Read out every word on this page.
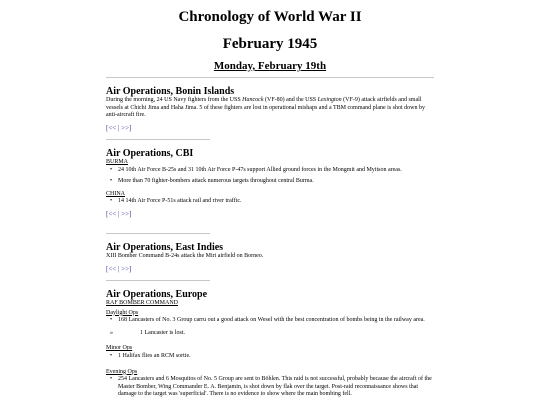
Chronology of World War II
February 1945
Monday, February 19th

Air Operations, Bonin Islands

During the morning, 24 US Navy fighters from the USS Hancock (VF-80) and the USS Lexington (VF-9) attack airfields and small vessels at Chichi Jima and Haha Jima. 5 of these fighters are lost in operational mishaps and a TBM command plane is shot down by anti-aircraft fire.

[<< | >>]

Air Operations, CBI

BURMA

• 24 10th Air Force B-25s and 31 10th Air Force P-47s support Allied ground forces in the Mongmit and Myitson areas.
• More than 70 fighter-bombers attack numerous targets throughout central Burma.

CHINA

• 14 14th Air Force P-51s attack rail and river traffic.

[<< | >>]

Air Operations, East Indies

XIII Bomber Command B-24s attack the Miri airfield on Borneo.

[<< | >>]

Air Operations, Europe

RAF BOMBER COMMAND

Daylight Ops

• 168 Lancasters of No. 3 Group carru out a good attack on Wesel with the best concentration of bombs being in the railway area.
» 1 Lancaster is lost.

Minor Ops

• 1 Halifax flies an RCM sortie.

Evening Ops

• 254 Lancasters and 6 Mosquitos of No. 5 Group are sent to Böhlen. This raid is not successful, probably because the aircraft of the Master Bomber, Wing Commander E. A. Benjamin, is shot down by flak over the target. Post-raid reconnaissance shows that damage to the target was 'superficial'. There is no evidence to show where the main bombing fell.
